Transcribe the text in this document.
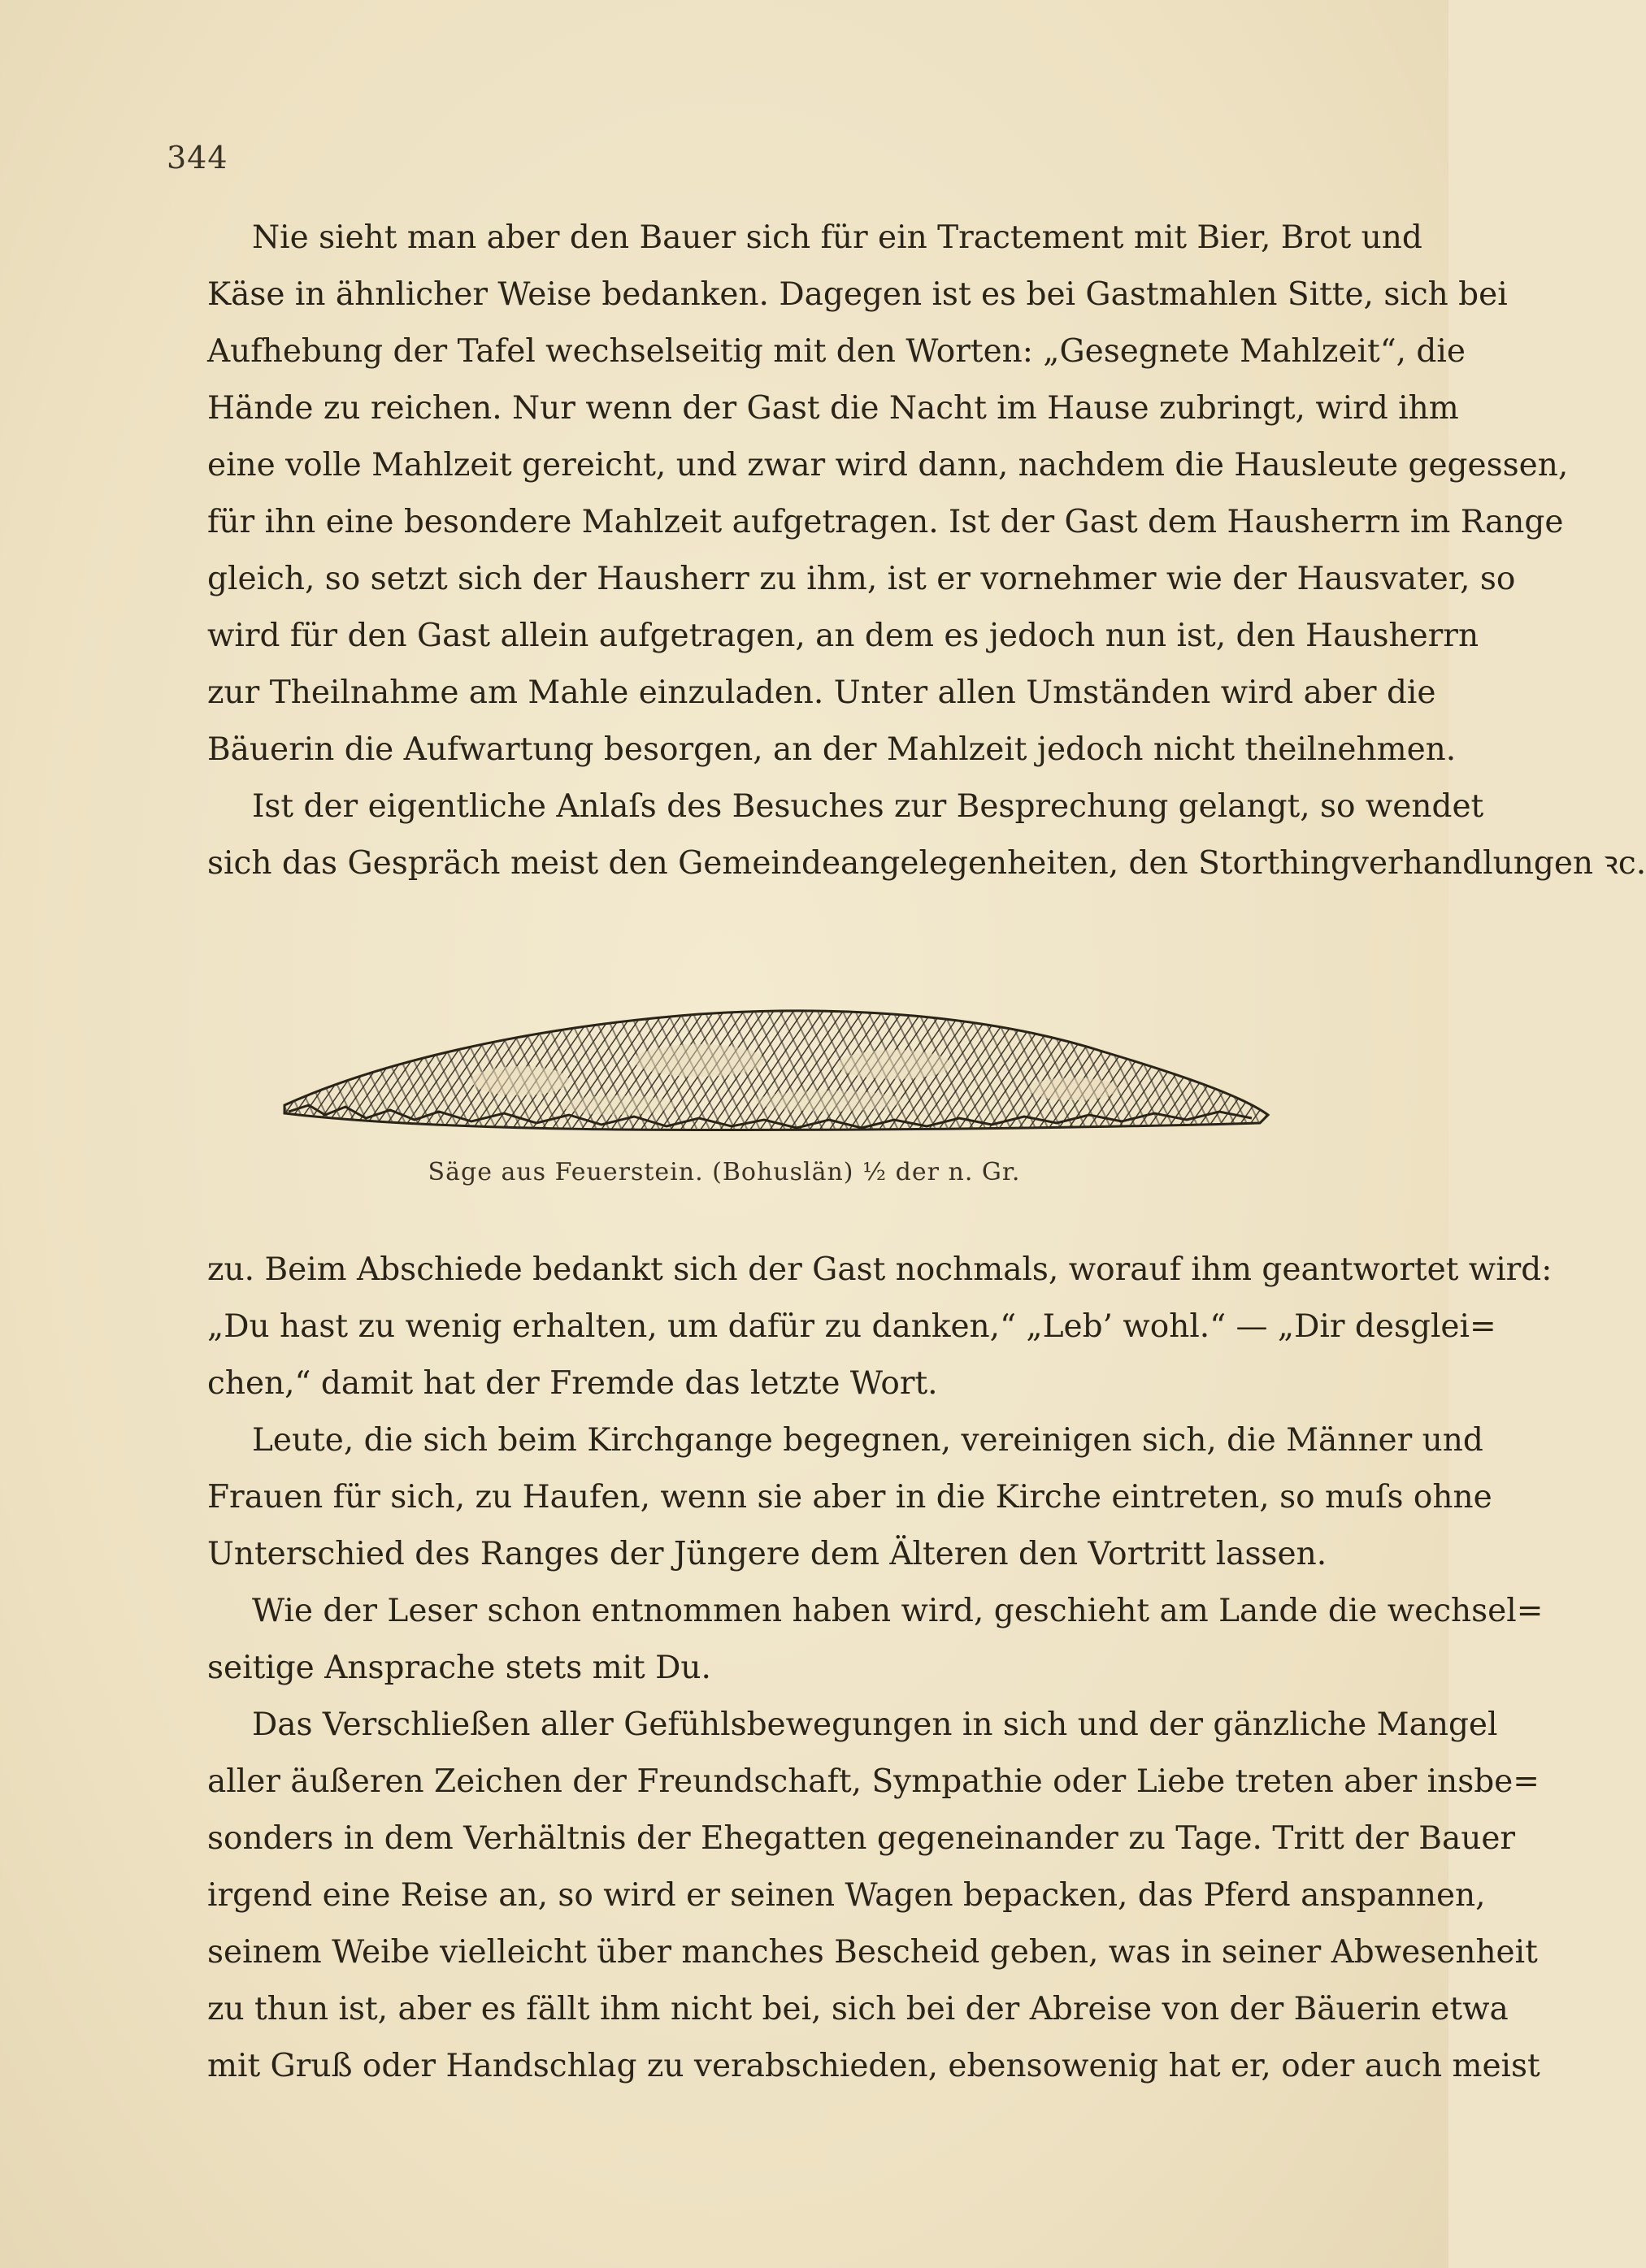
344
Nie sieht man aber den Bauer sich für ein Tractement mit Bier, Brot und
Käse in ähnlicher Weise bedanken. Dagegen ist es bei Gastmahlen Sitte, sich bei
Aufhebung der Tafel wechselseitig mit den Worten: „Gesegnete Mahlzeit“, die
Hände zu reichen. Nur wenn der Gast die Nacht im Hause zubringt, wird ihm
eine volle Mahlzeit gereicht, und zwar wird dann, nachdem die Hausleute gegessen,
für ihn eine besondere Mahlzeit aufgetragen. Ist der Gast dem Hausherrn im Range
gleich, so setzt sich der Hausherr zu ihm, ist er vornehmer wie der Hausvater, so
wird für den Gast allein aufgetragen, an dem es jedoch nun ist, den Hausherrn
zur Theilnahme am Mahle einzuladen. Unter allen Umständen wird aber die
Bäuerin die Aufwartung besorgen, an der Mahlzeit jedoch nicht theilnehmen.
Ist der eigentliche Anlaſs des Besuches zur Besprechung gelangt, so wendet
sich das Gespräch meist den Gemeindeangelegenheiten, den Storthingverhandlungen ꝛc.
Säge aus Feuerstein. (Bohuslän) ½ der n. Gr.
zu. Beim Abschiede bedankt sich der Gast nochmals, worauf ihm geantwortet wird:
„Du hast zu wenig erhalten, um dafür zu danken,“ „Leb’ wohl.“ — „Dir desglei=
chen,“ damit hat der Fremde das letzte Wort.
Leute, die sich beim Kirchgange begegnen, vereinigen sich, die Männer und
Frauen für sich, zu Haufen, wenn sie aber in die Kirche eintreten, so muſs ohne
Unterschied des Ranges der Jüngere dem Älteren den Vortritt lassen.
Wie der Leser schon entnommen haben wird, geschieht am Lande die wechsel=
seitige Ansprache stets mit Du.
Das Verschließen aller Gefühlsbewegungen in sich und der gänzliche Mangel
aller äußeren Zeichen der Freundschaft, Sympathie oder Liebe treten aber insbe=
sonders in dem Verhältnis der Ehegatten gegeneinander zu Tage. Tritt der Bauer
irgend eine Reise an, so wird er seinen Wagen bepacken, das Pferd anspannen,
seinem Weibe vielleicht über manches Bescheid geben, was in seiner Abwesenheit
zu thun ist, aber es fällt ihm nicht bei, sich bei der Abreise von der Bäuerin etwa
mit Gruß oder Handschlag zu verabschieden, ebensowenig hat er, oder auch meist
